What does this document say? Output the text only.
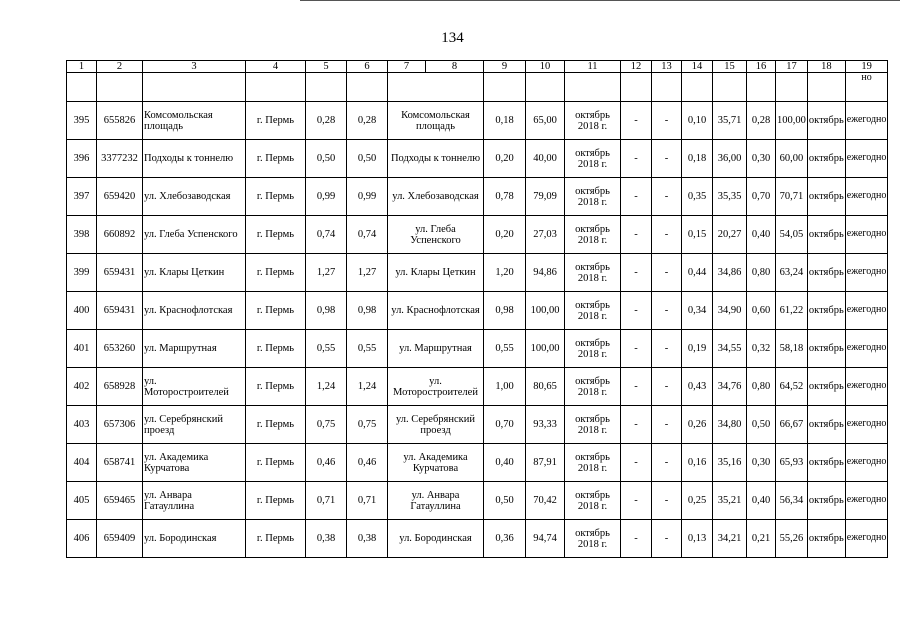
134
1	2	3	4	5	6	7	8	9	10	11	12	13	14	15	16	17	18	19
																		но
395	655826	Комсомольская площадь	г. Пермь	0,28	0,28	Комсомольская площадь		0,18	65,00	октябрь 2018 г.	-	-	0,10	35,71	0,28	100,00	октябрь	ежегодно
396	3377232	Подходы к тоннелю	г. Пермь	0,50	0,50	Подходы к тоннелю		0,20	40,00	октябрь 2018 г.	-	-	0,18	36,00	0,30	60,00	октябрь	ежегодно
397	659420	ул. Хлебозаводская	г. Пермь	0,99	0,99	ул. Хлебозаводская		0,78	79,09	октябрь 2018 г.	-	-	0,35	35,35	0,70	70,71	октябрь	ежегодно
398	660892	ул. Глеба Успенского	г. Пермь	0,74	0,74	ул. Глеба Успенского		0,20	27,03	октябрь 2018 г.	-	-	0,15	20,27	0,40	54,05	октябрь	ежегодно
399	659431	ул. Клары Цеткин	г. Пермь	1,27	1,27	ул. Клары Цеткин		1,20	94,86	октябрь 2018 г.	-	-	0,44	34,86	0,80	63,24	октябрь	ежегодно
400	659431	ул. Краснофлотская	г. Пермь	0,98	0,98	ул. Краснофлотская		0,98	100,00	октябрь 2018 г.	-	-	0,34	34,90	0,60	61,22	октябрь	ежегодно
401	653260	ул. Маршрутная	г. Пермь	0,55	0,55	ул. Маршрутная		0,55	100,00	октябрь 2018 г.	-	-	0,19	34,55	0,32	58,18	октябрь	ежегодно
402	658928	ул. Моторостроителей	г. Пермь	1,24	1,24	ул. Моторостроителей		1,00	80,65	октябрь 2018 г.	-	-	0,43	34,76	0,80	64,52	октябрь	ежегодно
403	657306	ул. Серебрянский проезд	г. Пермь	0,75	0,75	ул. Серебрянский проезд		0,70	93,33	октябрь 2018 г.	-	-	0,26	34,80	0,50	66,67	октябрь	ежегодно
404	658741	ул. Академика Курчатова	г. Пермь	0,46	0,46	ул. Академика Курчатова		0,40	87,91	октябрь 2018 г.	-	-	0,16	35,16	0,30	65,93	октябрь	ежегодно
405	659465	ул. Анвара Гатауллина	г. Пермь	0,71	0,71	ул. Анвара Гатауллина		0,50	70,42	октябрь 2018 г.	-	-	0,25	35,21	0,40	56,34	октябрь	ежегодно
406	659409	ул. Бородинская	г. Пермь	0,38	0,38	ул. Бородинская		0,36	94,74	октябрь 2018 г.	-	-	0,13	34,21	0,21	55,26	октябрь	ежегодно
